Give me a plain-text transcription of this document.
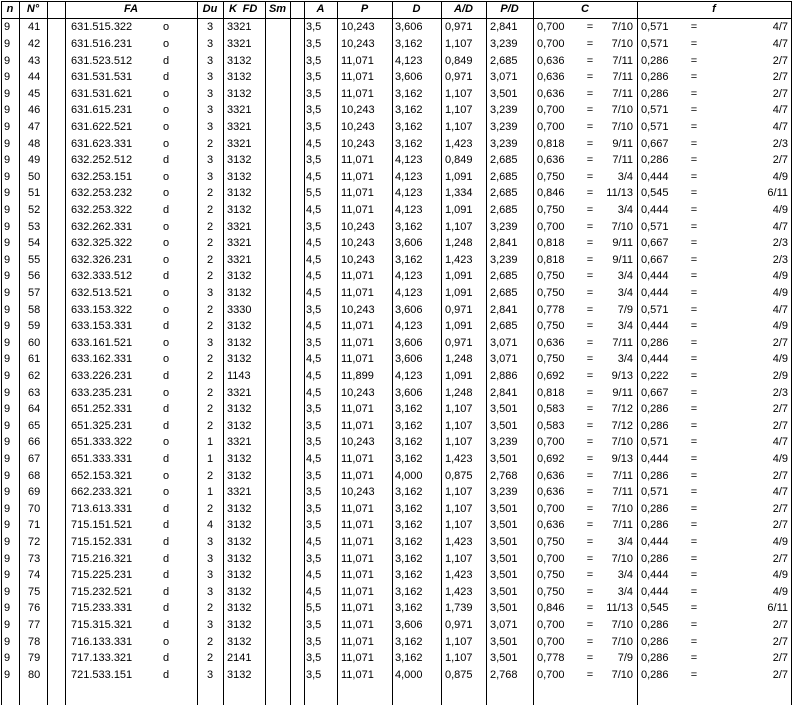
n	N°	FA	Du	K FD	Sm	A	P	D	A/D	P/D	C	f
9	41	631.515.322	o	3 3321	3,5	10,243	3,606	0,971	2,841	0,700	=	7/10 0,571	=	4/7
9	42	631.516.231	o	3 3321	3,5	10,243	3,162	1,107	3,239	0,700	=	7/10 0,571	=	4/7
9	43	631.523.512	d	3 3132	3,5	11,071	4,123	0,849	2,685	0,636	=	7/11 0,286	=	2/7
9	44	631.531.531	d	3 3132	3,5	11,071	3,606	0,971	3,071	0,636	=	7/11 0,286	=	2/7
9	45	631.531.621	o	3 3132	3,5	11,071	3,162	1,107	3,501	0,636	=	7/11 0,286	=	2/7
9	46	631.615.231	o	3 3321	3,5	10,243	3,162	1,107	3,239	0,700	=	7/10 0,571	=	4/7
9	47	631.622.521	o	3 3321	3,5	10,243	3,162	1,107	3,239	0,700	=	7/10 0,571	=	4/7
9	48	631.623.331	o	2 3321	4,5	10,243	3,162	1,423	3,239	0,818	=	9/11 0,667	=	2/3
9	49	632.252.512	d	3 3132	3,5	11,071	4,123	0,849	2,685	0,636	=	7/11 0,286	=	2/7
9	50	632.253.151	o	3 3132	4,5	11,071	4,123	1,091	2,685	0,750	=	3/4 0,444	=	4/9
9	51	632.253.232	o	2 3132	5,5	11,071	4,123	1,334	2,685	0,846	=	11/13 0,545	=	6/11
9	52	632.253.322	d	2 3132	4,5	11,071	4,123	1,091	2,685	0,750	=	3/4 0,444	=	4/9
9	53	632.262.331	o	2 3321	3,5	10,243	3,162	1,107	3,239	0,700	=	7/10 0,571	=	4/7
9	54	632.325.322	o	2 3321	4,5	10,243	3,606	1,248	2,841	0,818	=	9/11 0,667	=	2/3
9	55	632.326.231	o	2 3321	4,5	10,243	3,162	1,423	3,239	0,818	=	9/11 0,667	=	2/3
9	56	632.333.512	d	2 3132	4,5	11,071	4,123	1,091	2,685	0,750	=	3/4 0,444	=	4/9
9	57	632.513.521	o	3 3132	4,5	11,071	4,123	1,091	2,685	0,750	=	3/4 0,444	=	4/9
9	58	633.153.322	o	2 3330	3,5	10,243	3,606	0,971	2,841	0,778	=	7/9 0,571	=	4/7
9	59	633.153.331	d	2 3132	4,5	11,071	4,123	1,091	2,685	0,750	=	3/4 0,444	=	4/9
9	60	633.161.521	o	3 3132	3,5	11,071	3,606	0,971	3,071	0,636	=	7/11 0,286	=	2/7
9	61	633.162.331	o	2 3132	4,5	11,071	3,606	1,248	3,071	0,750	=	3/4 0,444	=	4/9
9	62	633.226.231	d	2 1143	4,5	11,899	4,123	1,091	2,886	0,692	=	9/13 0,222	=	2/9
9	63	633.235.231	o	2 3321	4,5	10,243	3,606	1,248	2,841	0,818	=	9/11 0,667	=	2/3
9	64	651.252.331	d	2 3132	3,5	11,071	3,162	1,107	3,501	0,583	=	7/12 0,286	=	2/7
9	65	651.325.231	d	2 3132	3,5	11,071	3,162	1,107	3,501	0,583	=	7/12 0,286	=	2/7
9	66	651.333.322	o	1 3321	3,5	10,243	3,162	1,107	3,239	0,700	=	7/10 0,571	=	4/7
9	67	651.333.331	d	1 3132	4,5	11,071	3,162	1,423	3,501	0,692	=	9/13 0,444	=	4/9
9	68	652.153.321	o	2 3132	3,5	11,071	4,000	0,875	2,768	0,636	=	7/11 0,286	=	2/7
9	69	662.233.321	o	1 3321	3,5	10,243	3,162	1,107	3,239	0,636	=	7/11 0,571	=	4/7
9	70	713.613.331	d	2 3132	3,5	11,071	3,162	1,107	3,501	0,700	=	7/10 0,286	=	2/7
9	71	715.151.521	d	4 3132	3,5	11,071	3,162	1,107	3,501	0,636	=	7/11 0,286	=	2/7
9	72	715.152.331	d	3 3132	4,5	11,071	3,162	1,423	3,501	0,750	=	3/4 0,444	=	4/9
9	73	715.216.321	d	3 3132	3,5	11,071	3,162	1,107	3,501	0,700	=	7/10 0,286	=	2/7
9	74	715.225.231	d	3 3132	4,5	11,071	3,162	1,423	3,501	0,750	=	3/4 0,444	=	4/9
9	75	715.232.521	d	3 3132	4,5	11,071	3,162	1,423	3,501	0,750	=	3/4 0,444	=	4/9
9	76	715.233.331	d	2 3132	5,5	11,071	3,162	1,739	3,501	0,846	=	11/13 0,545	=	6/11
9	77	715.315.321	d	3 3132	3,5	11,071	3,606	0,971	3,071	0,700	=	7/10 0,286	=	2/7
9	78	716.133.331	o	2 3132	3,5	11,071	3,162	1,107	3,501	0,700	=	7/10 0,286	=	2/7
9	79	717.133.321	d	2 2141	3,5	11,071	3,162	1,107	3,501	0,778	=	7/9 0,286	=	2/7
9	80	721.533.151	d	3 3132	3,5	11,071	4,000	0,875	2,768	0,700	=	7/10 0,286	=	2/7
